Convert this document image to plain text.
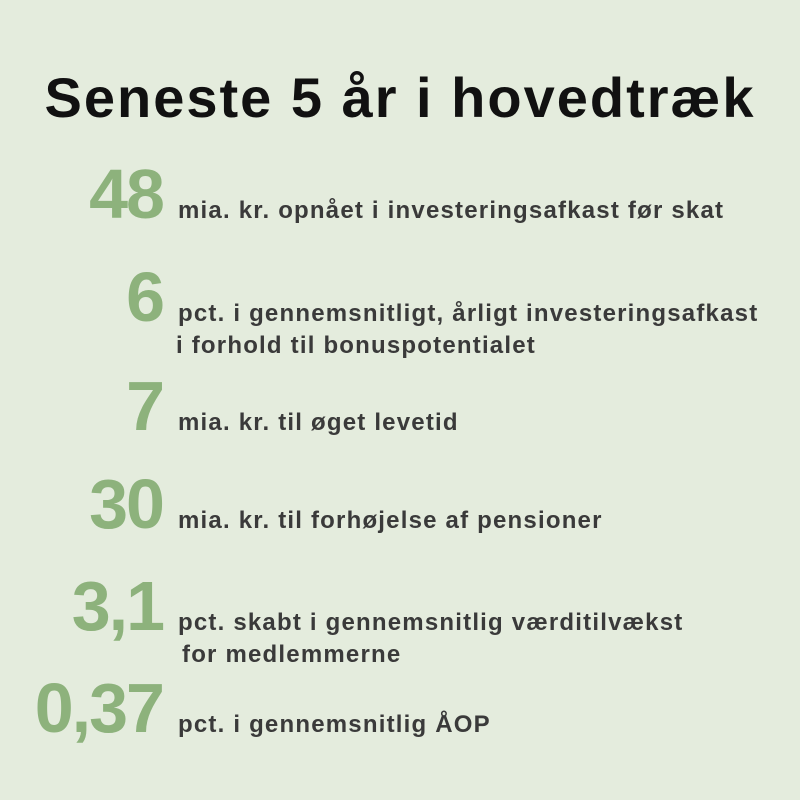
Seneste 5 år i hovedtræk
48 mia. kr. opnået i investeringsafkast før skat
6 pct. i gennemsnitligt, årligt investeringsafkast
i forhold til bonuspotentialet
7 mia. kr. til øget levetid
30 mia. kr. til forhøjelse af pensioner
3,1 pct. skabt i gennemsnitlig værditilvækst
for medlemmerne
0,37 pct. i gennemsnitlig ÅOP
